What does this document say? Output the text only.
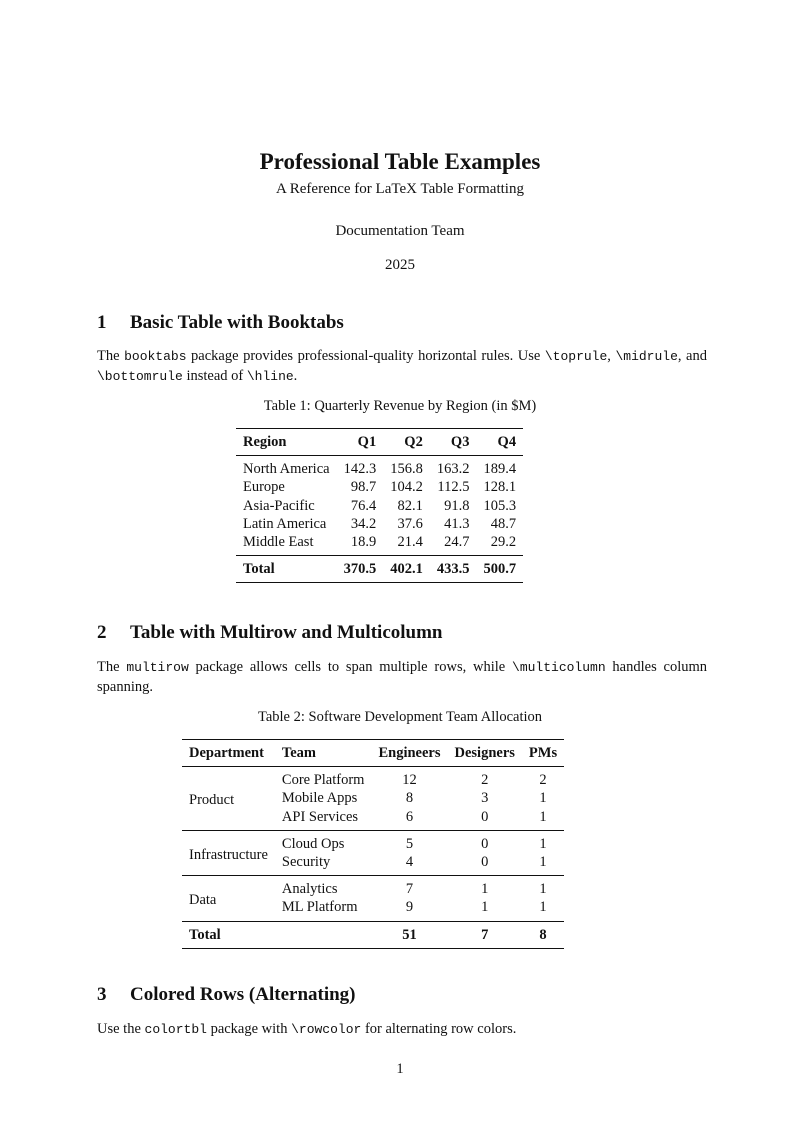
Professional Table Examples
A Reference for LaTeX Table Formatting
Documentation Team
2025
1 Basic Table with Booktabs

The booktabs package provides professional-quality horizontal rules. Use \toprule, \midrule, and \bottomrule instead of \hline.

Table 1: Quarterly Revenue by Region (in $M)
Region	Q1	Q2	Q3	Q4
North America	142.3	156.8	163.2	189.4
Europe	98.7	104.2	112.5	128.1
Asia-Pacific	76.4	82.1	91.8	105.3
Latin America	34.2	37.6	41.3	48.7
Middle East	18.9	21.4	24.7	29.2
Total	370.5	402.1	433.5	500.7
2 Table with Multirow and Multicolumn

The multirow package allows cells to span multiple rows, while \multicolumn handles column spanning.

Table 2: Software Development Team Allocation
Department	Team	Engineers	Designers	PMs
Product	Core Platform	12	2	2
	Mobile Apps	8	3	1
	API Services	6	0	1
Infrastructure	Cloud Ops	5	0	1
	Security	4	0	1
Data	Analytics	7	1	1
	ML Platform	9	1	1
Total		51	7	8
3 Colored Rows (Alternating)

Use the colortbl package with \rowcolor for alternating row colors.

1
